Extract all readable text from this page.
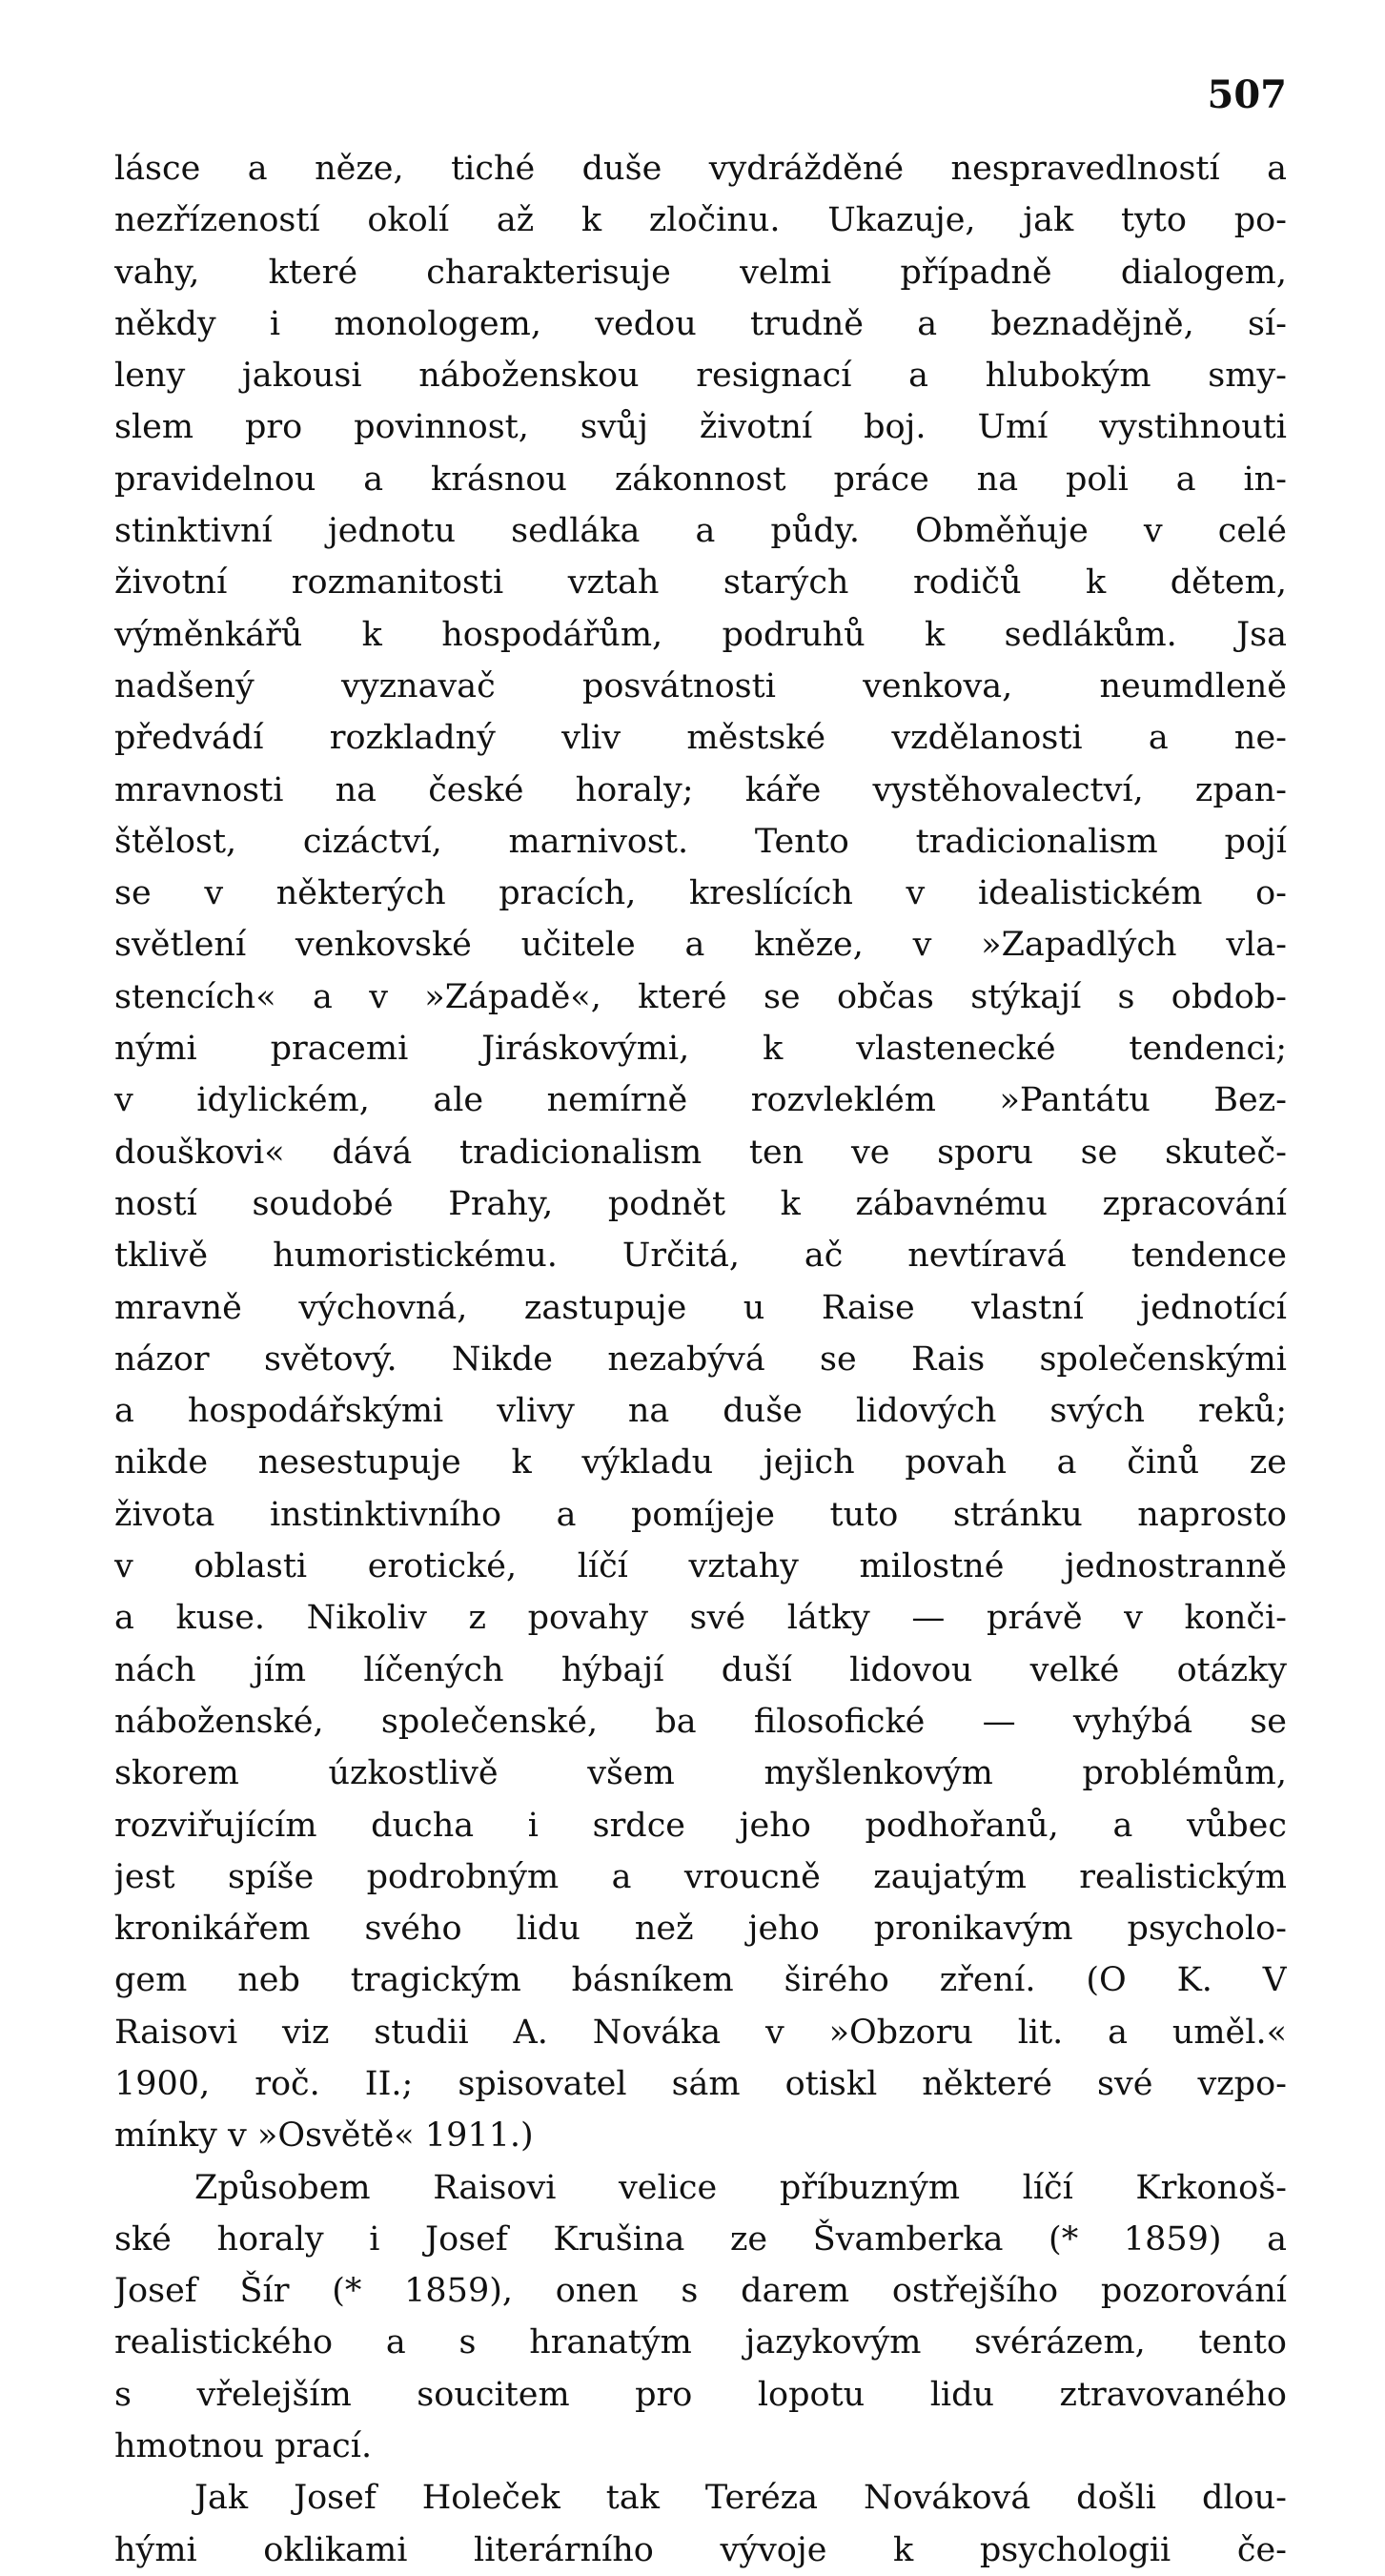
507
lásce a něze, tiché duše vydrážděné nespravedlností a
nezřízeností okolí až k zločinu. Ukazuje, jak tyto po-
vahy, které charakterisuje velmi případně dialogem,
někdy i monologem, vedou trudně a beznadějně, sí-
leny jakousi náboženskou resignací a hlubokým smy-
slem pro povinnost, svůj životní boj. Umí vystihnouti
pravidelnou a krásnou zákonnost práce na poli a in-
stinktivní jednotu sedláka a půdy. Obměňuje v celé
životní rozmanitosti vztah starých rodičů k dětem,
výměnkářů k hospodářům, podruhů k sedlákům. Jsa
nadšený vyznavač posvátnosti venkova, neumdleně
předvádí rozkladný vliv městské vzdělanosti a ne-
mravnosti na české horaly; káře vystěhovalectví, zpan-
štělost, cizáctví, marnivost. Tento tradicionalism pojí
se v některých pracích, kreslících v idealistickém o-
světlení venkovské učitele a kněze, v »Zapadlých vla-
stencích« a v »Západě«, které se občas stýkají s obdob-
nými pracemi Jiráskovými, k vlastenecké tendenci;
v idylickém, ale nemírně rozvleklém »Pantátu Bez-
douškovi« dává tradicionalism ten ve sporu se skuteč-
ností soudobé Prahy, podnět k zábavnému zpracování
tklivě humoristickému. Určitá, ač nevtíravá tendence
mravně výchovná, zastupuje u Raise vlastní jednotící
názor světový. Nikde nezabývá se Rais společenskými
a hospodářskými vlivy na duše lidových svých reků;
nikde nesestupuje k výkladu jejich povah a činů ze
života instinktivního a pomíjeje tuto stránku naprosto
v oblasti erotické, líčí vztahy milostné jednostranně
a kuse. Nikoliv z povahy své látky — právě v konči-
nách jím líčených hýbají duší lidovou velké otázky
náboženské, společenské, ba filosofické — vyhýbá se
skorem úzkostlivě všem myšlenkovým problémům,
rozviřujícím ducha i srdce jeho podhořanů, a vůbec
jest spíše podrobným a vroucně zaujatým realistickým
kronikářem svého lidu než jeho pronikavým psycholo-
gem neb tragickým básníkem širého zření. (O K. V
Raisovi viz studii A. Nováka v »Obzoru lit. a uměl.«
1900, roč. II.; spisovatel sám otiskl některé své vzpo-
mínky v »Osvětě« 1911.)
Způsobem Raisovi velice příbuzným líčí Krkonoš-
ské horaly i Josef Krušina ze Švamberka (* 1859) a
Josef Šír (* 1859), onen s darem ostřejšího pozorování
realistického a s hranatým jazykovým svérázem, tento
s vřelejším soucitem pro lopotu lidu ztravovaného
hmotnou prací.
Jak Josef Holeček tak Teréza Nováková došli dlou-
hými oklikami literárního vývoje k psychologii če-
